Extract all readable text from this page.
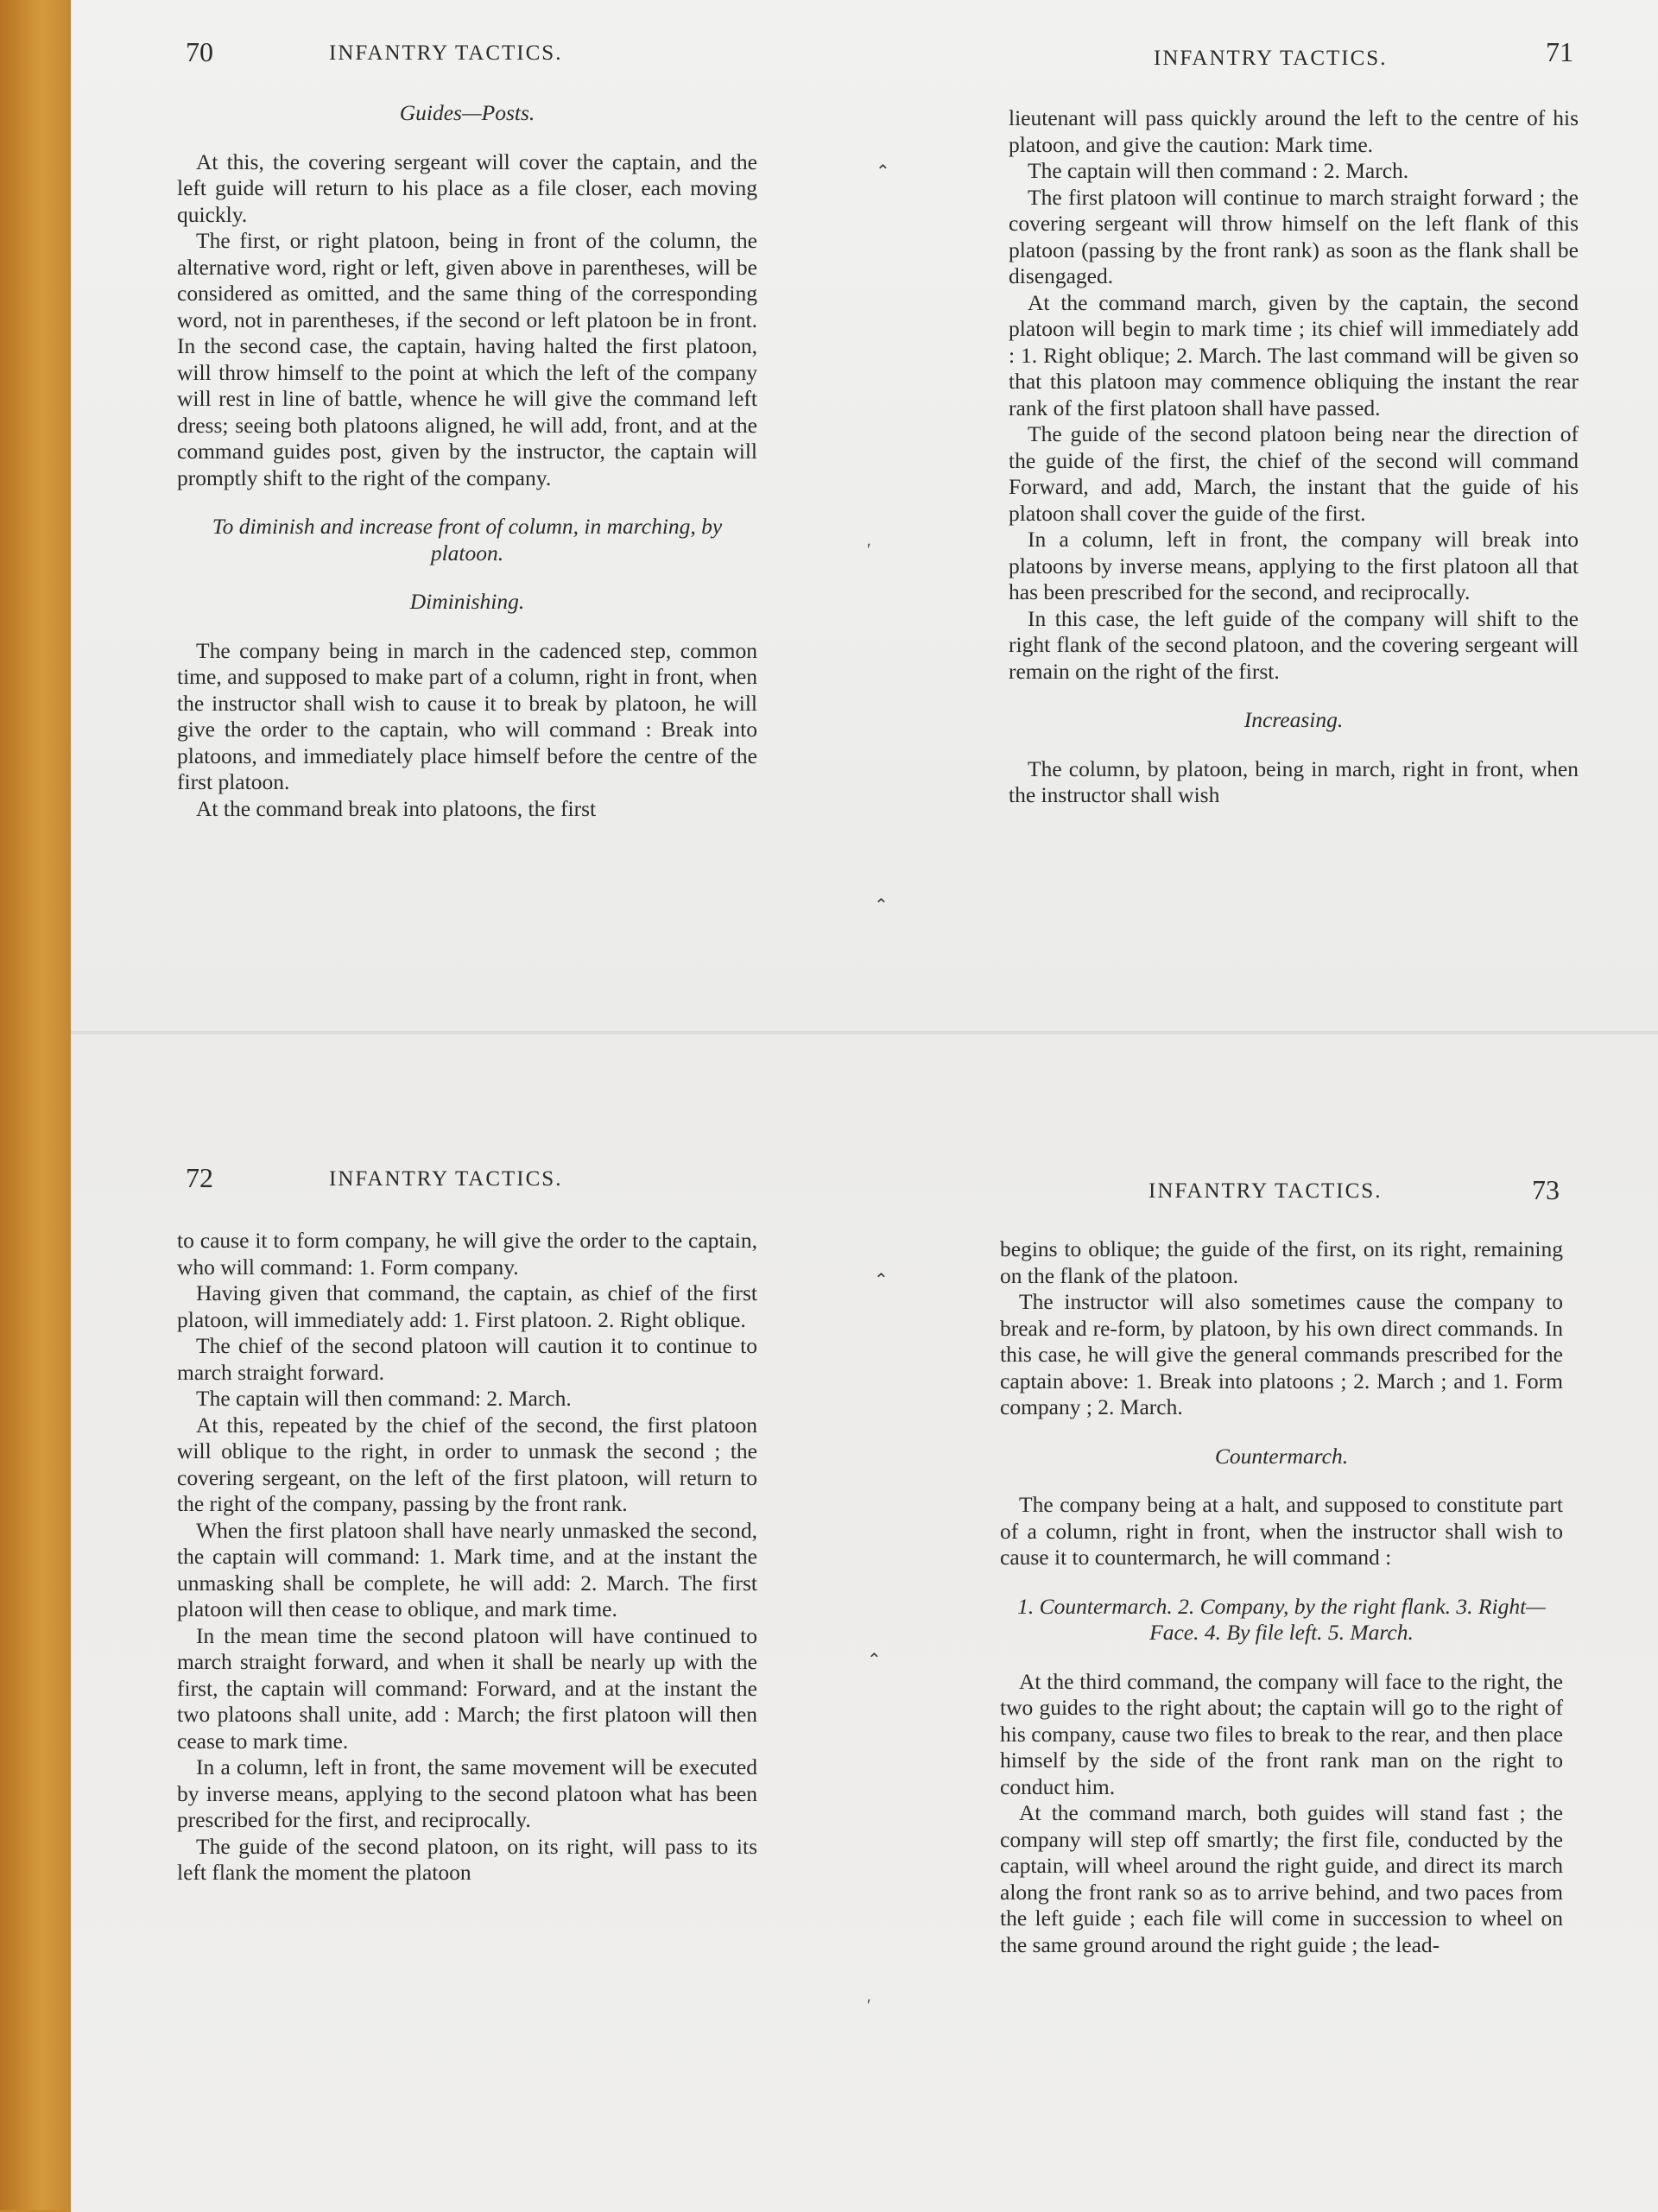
⌃
ʹ
⌃
⌃
⌃
ʹ
70	INFANTRY TACTICS.

Guides—Posts.

At this, the covering sergeant will cover the captain, and the left guide will return to his place as a file closer, each moving quickly.

The first, or right platoon, being in front of the column, the alternative word, right or left, given above in parentheses, will be considered as omitted, and the same thing of the corresponding word, not in parentheses, if the second or left platoon be in front. In the second case, the captain, having halted the first platoon, will throw himself to the point at which the left of the company will rest in line of battle, whence he will give the command left dress; seeing both platoons aligned, he will add, front, and at the command guides post, given by the instructor, the captain will promptly shift to the right of the company.

To diminish and increase front of column, in marching, by platoon.

Diminishing.

The company being in march in the cadenced step, common time, and supposed to make part of a column, right in front, when the instructor shall wish to cause it to break by platoon, he will give the order to the captain, who will command : Break into platoons, and immediately place himself before the centre of the first platoon.

At the command break into platoons, the first

INFANTRY TACTICS.	71

lieutenant will pass quickly around the left to the centre of his platoon, and give the caution: Mark time.

The captain will then command : 2. March.

The first platoon will continue to march straight forward ; the covering sergeant will throw himself on the left flank of this platoon (passing by the front rank) as soon as the flank shall be disengaged.

At the command march, given by the captain, the second platoon will begin to mark time ; its chief will immediately add : 1. Right oblique; 2. March. The last command will be given so that this platoon may commence obliquing the instant the rear rank of the first platoon shall have passed.

The guide of the second platoon being near the direction of the guide of the first, the chief of the second will command Forward, and add, March, the instant that the guide of his platoon shall cover the guide of the first.

In a column, left in front, the company will break into platoons by inverse means, applying to the first platoon all that has been prescribed for the second, and reciprocally.

In this case, the left guide of the company will shift to the right flank of the second platoon, and the covering sergeant will remain on the right of the first.

Increasing.

The column, by platoon, being in march, right in front, when the instructor shall wish

72	INFANTRY TACTICS.

to cause it to form company, he will give the order to the captain, who will command: 1. Form company.

Having given that command, the captain, as chief of the first platoon, will immediately add: 1. First platoon. 2. Right oblique.

The chief of the second platoon will caution it to continue to march straight forward.

The captain will then command: 2. March.

At this, repeated by the chief of the second, the first platoon will oblique to the right, in order to unmask the second ; the covering sergeant, on the left of the first platoon, will return to the right of the company, passing by the front rank.

When the first platoon shall have nearly unmasked the second, the captain will command: 1. Mark time, and at the instant the unmasking shall be complete, he will add: 2. March. The first platoon will then cease to oblique, and mark time.

In the mean time the second platoon will have continued to march straight forward, and when it shall be nearly up with the first, the captain will command: Forward, and at the instant the two platoons shall unite, add : March; the first platoon will then cease to mark time.

In a column, left in front, the same movement will be executed by inverse means, applying to the second platoon what has been prescribed for the first, and reciprocally.

The guide of the second platoon, on its right, will pass to its left flank the moment the platoon

INFANTRY TACTICS.	73

begins to oblique; the guide of the first, on its right, remaining on the flank of the platoon.

The instructor will also sometimes cause the company to break and re-form, by platoon, by his own direct commands. In this case, he will give the general commands prescribed for the captain above: 1. Break into platoons ; 2. March ; and 1. Form company ; 2. March.

Countermarch.

The company being at a halt, and supposed to constitute part of a column, right in front, when the instructor shall wish to cause it to countermarch, he will command :

1. Countermarch. 2. Company, by the right flank. 3. Right—Face. 4. By file left. 5. March.

At the third command, the company will face to the right, the two guides to the right about; the captain will go to the right of his company, cause two files to break to the rear, and then place himself by the side of the front rank man on the right to conduct him.

At the command march, both guides will stand fast ; the company will step off smartly; the first file, conducted by the captain, will wheel around the right guide, and direct its march along the front rank so as to arrive behind, and two paces from the left guide ; each file will come in succession to wheel on the same ground around the right guide ; the lead-
